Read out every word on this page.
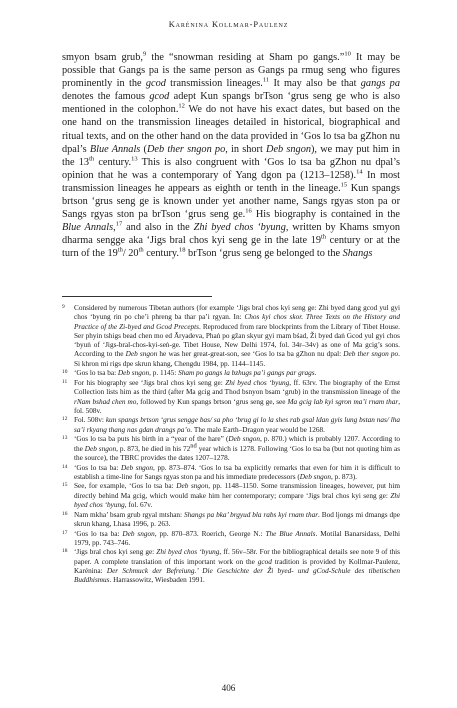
Karénina Kollmar-Paulenz

smyon bsam grub,$^9$ the “snowman residing at Sham po gangs.”$^{10}$ It may be possible that Gangs pa is the same person as Gangs pa rmug seng who figures prominently in the gcod transmission lineages.$^{11}$ It may also be that gangs pa denotes the famous gcod adept Kun spangs brTson ‘grus seng ge who is also mentioned in the colophon.$^{12}$ We do not have his exact dates, but based on the one hand on the transmission lineages detailed in historical, biographical and ritual texts, and on the other hand on the data provided in ‘Gos lo tsa ba gZhon nu dpal’s Blue Annals (Deb ther sngon po, in short Deb sngon), we may put him in the 13th century.$^{13}$ This is also congruent with ‘Gos lo tsa ba gZhon nu dpal’s opinion that he was a contemporary of Yang dgon pa (1213–1258).$^{14}$ In most transmission lineages he appears as eighth or tenth in the lineage.$^{15}$ Kun spangs brtson ‘grus seng ge is known under yet another name, Sangs rgyas ston pa or Sangs rgyas ston pa brTson ‘grus seng ge.$^{16}$ His biography is contained in the Blue Annals,$^{17}$ and also in the Zhi byed chos ‘byung, written by Khams smyon dharma sengge aka ‘Jigs bral chos kyi seng ge in the late 19th century or at the turn of the 19th/ 20th century.$^{18}$ brTson ‘grus seng ge belonged to the Shangs

9	Considered by numerous Tibetan authors (for example ‘Jigs bral chos kyi seng ge: Zhi byed dang gcod yul gyi chos ‘byung rin po che’i phreng ba thar pa’i rgyan. In: Chos kyi chos skor. Three Texts on the History and Practice of the Zi-byed and Gcod Precepts. Reproduced from rare blockprints from the Library of Tibet House. Ser phyin tshigs bead chen mo ed Āryadeva, Phaṅ po gžan skyur gyi rnam bśad, Ži byed daṅ Gcod yul gyi chos ‘byuṅ of ‘Jigs-bral-chos-kyi-seṅ-ge. Tibet House, New Delhi 1974, fol. 34r–34v) as one of Ma gcig’s sons. According to the Deb sngon he was her great-great-son, see ‘Gos lo tsa ba gZhon nu dpal: Deb ther sngon po. Si khron mi rigs dpe skrun khang, Chengdu 1984, pp. 1144–1145.
10 ‘Gos lo tsa ba: Deb sngon, p. 1145: Sham po gangs la bzhugs pa’i gangs par grags.
11 For his biography see ‘Jigs bral chos kyi seng ge: Zhi byed chos ‘byung, ff. 63rv. The biography of the Ernst Collection lists him as the third (after Ma gcig and Thod bsnyon bsam ‘grub) in the transmission lineage of the rNam bshad chen mo, followed by Kun spangs brtson ‘grus seng ge, see Ma gcig lab kyi sgron ma’i rnam thar, fol. 508v.
12 Fol. 508v: kun spangs brtson ‘grus sengge bas/ sa pho ‘brug gi lo la shes rab gsal ldan gyis lung bstan nas/ lha sa’i rkyang thang nas gdan drangs pa’o. The male Earth–Dragon year would be 1268.
13 ‘Gos lo tsa ba puts his birth in a “year of the hare” (Deb sngon, p. 870.) which is probably 1207. According to the Deb sngon, p. 873, he died in his 72nd year which is 1278. Following ‘Gos lo tsa ba (but not quoting him as the source), the TBRC provides the dates 1207–1278.
14 ‘Gos lo tsa ba: Deb sngon, pp. 873–874. ‘Gos lo tsa ba explicitly remarks that even for him it is difficult to establish a time-line for Sangs rgyas ston pa and his immediate predecessors (Deb sngon, p. 873).
15 See, for example, ‘Gos lo tsa ba: Deb sngon, pp. 1148–1150. Some transmission lineages, however, put him directly behind Ma gcig, which would make him her contemporary; compare ‘Jigs bral chos kyi seng ge: Zhi byed chos ‘byung, fol. 67v.
16 Nam mkha’ bsam grub rgyal mtshan: Shangs pa bka’ brgyud bla rabs kyi rnam thar. Bod ljongs mi dmangs dpe skrun khang, Lhasa 1996, p. 263.
17 ‘Gos lo tsa ba: Deb sngon, pp. 870–873. Roerich, George N.: The Blue Annals. Motilal Banarsidass, Delhi 1979, pp. 743–746.
18 ‘Jigs bral chos kyi seng ge: Zhi byed chos ‘byung, ff. 56v–58r. For the bibliographical details see note 9 of this paper. A complete translation of this important work on the gcod tradition is provided by Kollmar-Paulenz, Karénina: Der Schmuck der Befreiung.’ Die Geschichte der Ži byed- und gCod-Schule des tibetischen Buddhismus. Harrassowitz, Wiesbaden 1991.
406
